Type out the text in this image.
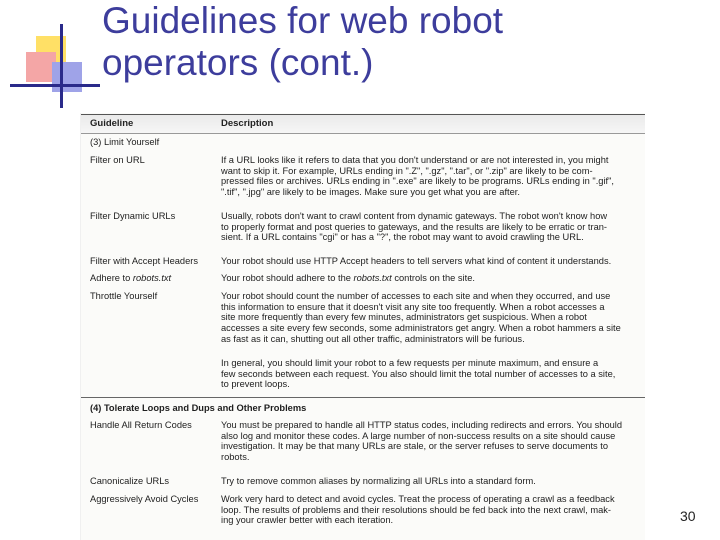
Guidelines for web robot
operators (cont.)
Guideline	Description
(3) Limit Yourself
Filter on URL	If a URL looks like it refers to data that you don't understand or are not interested in, you might
want to skip it. For example, URLs ending in ".Z", ".gz", ".tar", or ".zip" are likely to be com-
pressed files or archives. URLs ending in ".exe" are likely to be programs. URLs ending in ".gif",
".tif", ".jpg" are likely to be images. Make sure you get what you are after.
Filter Dynamic URLs	Usually, robots don't want to crawl content from dynamic gateways. The robot won't know how
to properly format and post queries to gateways, and the results are likely to be erratic or tran-
sient. If a URL contains "cgi" or has a "?", the robot may want to avoid crawling the URL.
Filter with Accept Headers	Your robot should use HTTP Accept headers to tell servers what kind of content it understands.
Adhere to robots.txt	Your robot should adhere to the robots.txt controls on the site.
Throttle Yourself	Your robot should count the number of accesses to each site and when they occurred, and use
this information to ensure that it doesn't visit any site too frequently. When a robot accesses a
site more frequently than every few minutes, administrators get suspicious. When a robot
accesses a site every few seconds, some administrators get angry. When a robot hammers a site
as fast as it can, shutting out all other traffic, administrators will be furious.
In general, you should limit your robot to a few requests per minute maximum, and ensure a
few seconds between each request. You also should limit the total number of accesses to a site,
to prevent loops.
(4) Tolerate Loops and Dups and Other Problems
Handle All Return Codes	You must be prepared to handle all HTTP status codes, including redirects and errors. You should
also log and monitor these codes. A large number of non-success results on a site should cause
investigation. It may be that many URLs are stale, or the server refuses to serve documents to
robots.
Canonicalize URLs	Try to remove common aliases by normalizing all URLs into a standard form.
Aggressively Avoid Cycles	Work very hard to detect and avoid cycles. Treat the process of operating a crawl as a feedback
loop. The results of problems and their resolutions should be fed back into the next crawl, mak-
ing your crawler better with each iteration.	30
